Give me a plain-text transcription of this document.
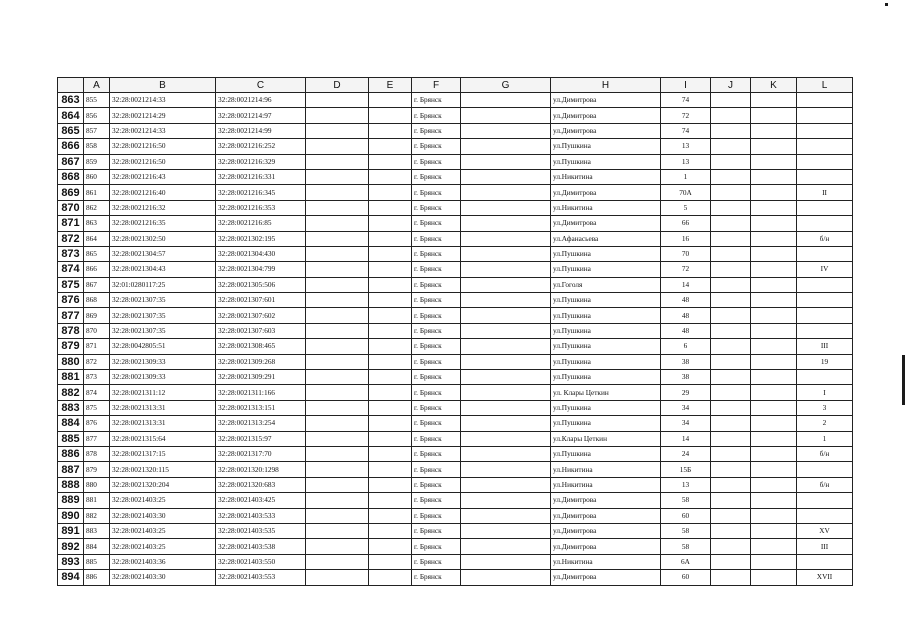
	A	B	C	D	E	F	G	H	I	J	K	L
863	855	32:28:0021214:33	32:28:0021214:96			г. Брянск		ул.Димитрова	74			
864	856	32:28:0021214:29	32:28:0021214:97			г. Брянск		ул.Димитрова	72			
865	857	32:28:0021214:33	32:28:0021214:99			г. Брянск		ул.Димитрова	74			
866	858	32:28:0021216:50	32:28:0021216:252			г. Брянск		ул.Пушкина	13			
867	859	32:28:0021216:50	32:28:0021216:329			г. Брянск		ул.Пушкина	13			
868	860	32:28:0021216:43	32:28:0021216:331			г. Брянск		ул.Никитина	1			
869	861	32:28:0021216:40	32:28:0021216:345			г. Брянск		ул.Димитрова	70А			II
870	862	32:28:0021216:32	32:28:0021216:353			г. Брянск		ул.Никитина	5			
871	863	32:28:0021216:35	32:28:0021216:85			г. Брянск		ул.Димитрова	66			
872	864	32:28:0021302:50	32:28:0021302:195			г. Брянск		ул.Афанасьева	16			б/н
873	865	32:28:0021304:57	32:28:0021304:430			г. Брянск		ул.Пушкина	70			
874	866	32:28:0021304:43	32:28:0021304:799			г. Брянск		ул.Пушкина	72			IV
875	867	32:01:0280117:25	32:28:0021305:506			г. Брянск		ул.Гоголя	14			
876	868	32:28:0021307:35	32:28:0021307:601			г. Брянск		ул.Пушкина	48			
877	869	32:28:0021307:35	32:28:0021307:602			г. Брянск		ул.Пушкина	48			
878	870	32:28:0021307:35	32:28:0021307:603			г. Брянск		ул.Пушкина	48			
879	871	32:28:0042805:51	32:28:0021308:465			г. Брянск		ул.Пушкина	6			III
880	872	32:28:0021309:33	32:28:0021309:268			г. Брянск		ул.Пушкина	38			19
881	873	32:28:0021309:33	32:28:0021309:291			г. Брянск		ул.Пушкина	38			
882	874	32:28:0021311:12	32:28:0021311:166			г. Брянск		ул. Клары Цеткин	29			I
883	875	32:28:0021313:31	32:28:0021313:151			г. Брянск		ул.Пушкина	34			3
884	876	32:28:0021313:31	32:28:0021313:254			г. Брянск		ул.Пушкина	34			2
885	877	32:28:0021315:64	32:28:0021315:97			г. Брянск		ул.Клары Цеткин	14			1
886	878	32:28:0021317:15	32:28:0021317:70			г. Брянск		ул.Пушкина	24			б/н
887	879	32:28:0021320:115	32:28:0021320:1298			г. Брянск		ул.Никитина	15Б			
888	880	32:28:0021320:204	32:28:0021320:683			г. Брянск		ул.Никитина	13			б/н
889	881	32:28:0021403:25	32:28:0021403:425			г. Брянск		ул.Димитрова	58			
890	882	32:28:0021403:30	32:28:0021403:533			г. Брянск		ул.Димитрова	60			
891	883	32:28:0021403:25	32:28:0021403:535			г. Брянск		ул.Димитрова	58			XV
892	884	32:28:0021403:25	32:28:0021403:538			г. Брянск		ул.Димитрова	58			III
893	885	32:28:0021403:36	32:28:0021403:550			г. Брянск		ул.Никитина	6А			
894	886	32:28:0021403:30	32:28:0021403:553			г. Брянск		ул.Димитрова	60			XVII
